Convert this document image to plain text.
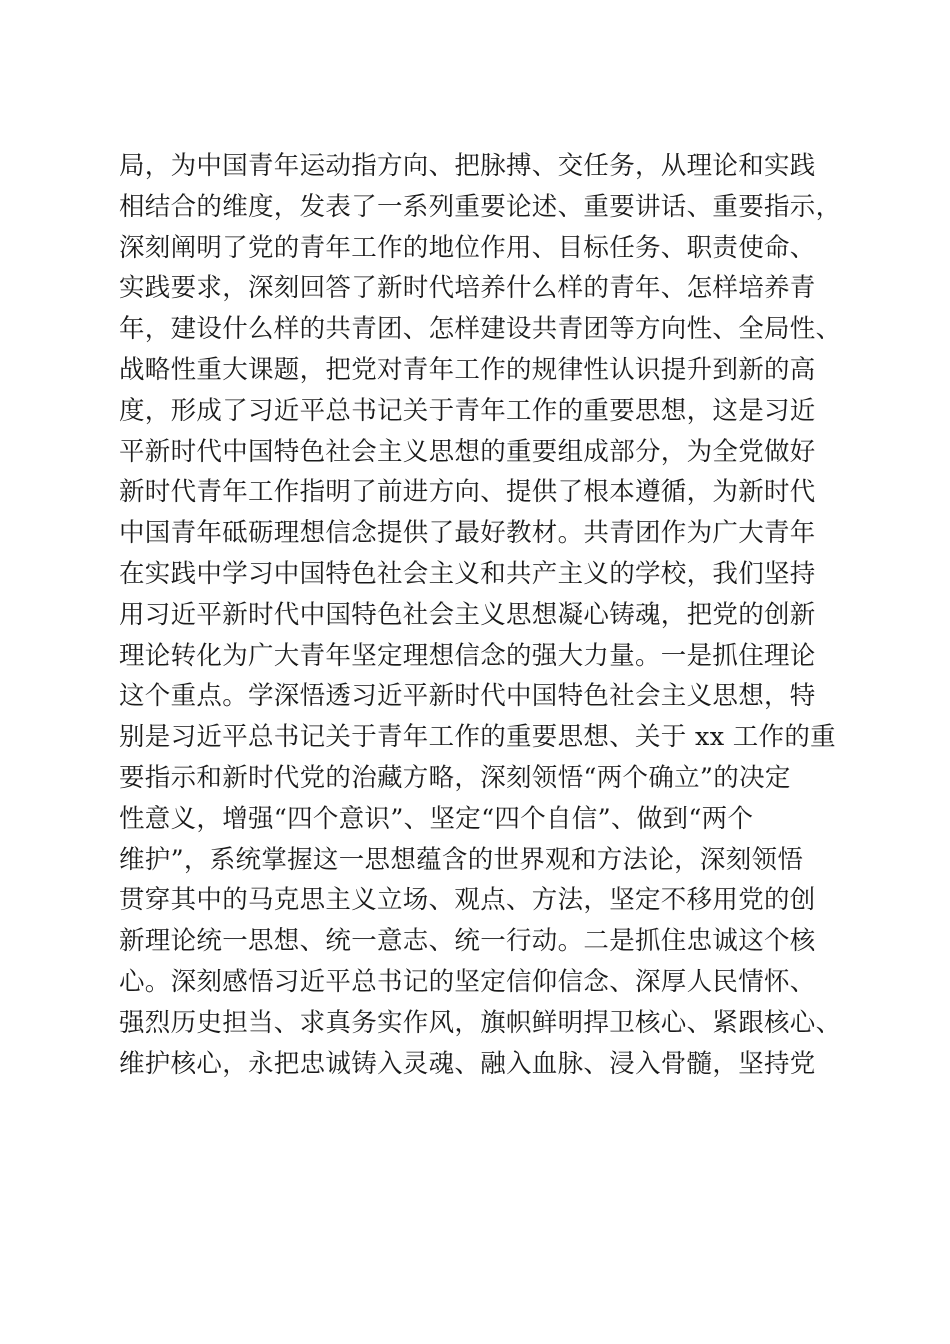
局，为中国青年运动指方向、把脉搏、交任务，从理论和实践
相结合的维度，发表了一系列重要论述、重要讲话、重要指示，
深刻阐明了党的青年工作的地位作用、目标任务、职责使命、
实践要求，深刻回答了新时代培养什么样的青年、怎样培养青
年，建设什么样的共青团、怎样建设共青团等方向性、全局性、
战略性重大课题，把党对青年工作的规律性认识提升到新的高
度，形成了习近平总书记关于青年工作的重要思想，这是习近
平新时代中国特色社会主义思想的重要组成部分，为全党做好
新时代青年工作指明了前进方向、提供了根本遵循，为新时代
中国青年砥砺理想信念提供了最好教材。共青团作为广大青年
在实践中学习中国特色社会主义和共产主义的学校，我们坚持
用习近平新时代中国特色社会主义思想凝心铸魂，把党的创新
理论转化为广大青年坚定理想信念的强大力量。一是抓住理论
这个重点。学深悟透习近平新时代中国特色社会主义思想，特
别是习近平总书记关于青年工作的重要思想、关于 xx 工作的重
要指示和新时代党的治藏方略，深刻领悟“两个确立”的决定
性意义，增强“四个意识”、坚定“四个自信”、做到“两个
维护”，系统掌握这一思想蕴含的世界观和方法论，深刻领悟
贯穿其中的马克思主义立场、观点、方法，坚定不移用党的创
新理论统一思想、统一意志、统一行动。二是抓住忠诚这个核
心。深刻感悟习近平总书记的坚定信仰信念、深厚人民情怀、
强烈历史担当、求真务实作风，旗帜鲜明捍卫核心、紧跟核心、
维护核心，永把忠诚铸入灵魂、融入血脉、浸入骨髓，坚持党
